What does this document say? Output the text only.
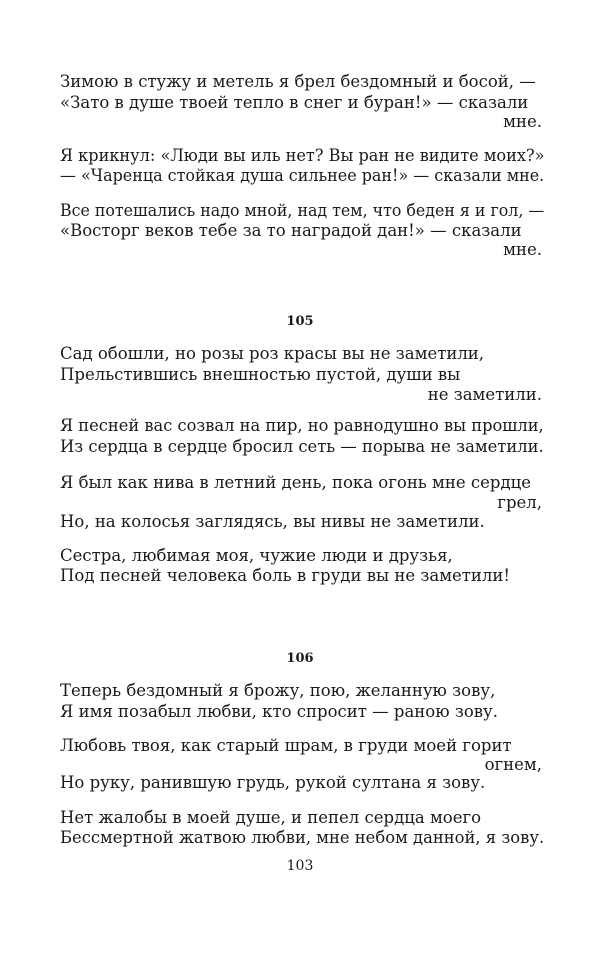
Зимою в стужу и метель я брел бездомный и босой, —
«Зато в душе твоей тепло в снег и буран!» — сказали
мне.
Я крикнул: «Люди вы иль нет? Вы ран не видите моих?»
— «Чаренца стойкая душа сильнее ран!» — сказали мне.
Все потешались надо мной, над тем, что беден я и гол, —
«Восторг веков тебе за то наградой дан!» — сказали
мне.
105
Сад обошли, но розы роз красы вы не заметили,
Прельстившись внешностью пустой, души вы
не заметили.
Я песней вас созвал на пир, но равнодушно вы прошли,
Из сердца в сердце бросил сеть — порыва не заметили.
Я был как нива в летний день, пока огонь мне сердце
грел,
Но, на колосья заглядясь, вы нивы не заметили.
Сестра, любимая моя, чужие люди и друзья,
Под песней человека боль в груди вы не заметили!
106
Теперь бездомный я брожу, пою, желанную зову,
Я имя позабыл любви, кто спросит — раною зову.
Любовь твоя, как старый шрам, в груди моей горит
огнем,
Но руку, ранившую грудь, рукой султана я зову.
Нет жалобы в моей душе, и пепел сердца моего
Бессмертной жатвою любви, мне небом данной, я зову.
103
